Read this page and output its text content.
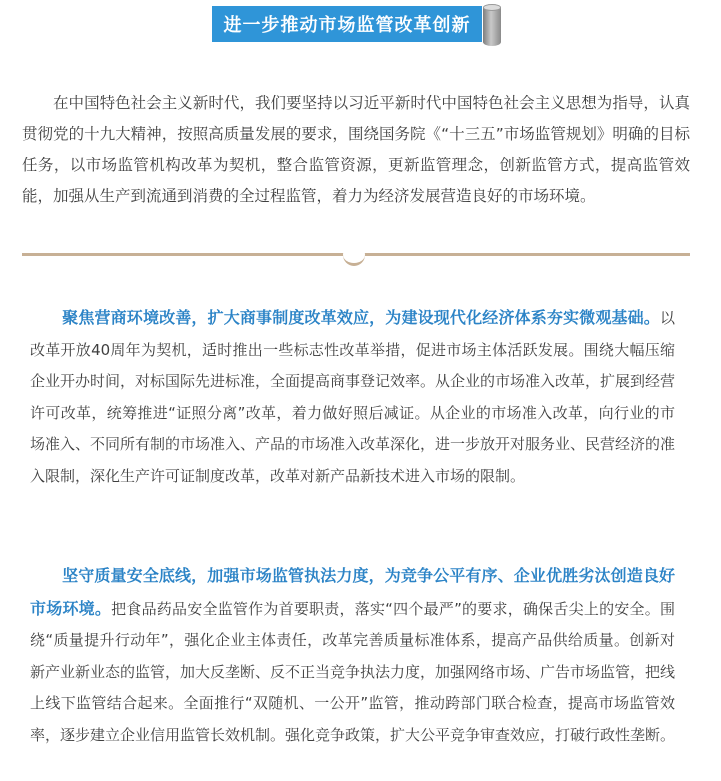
进一步推动市场监管改革创新

在中国特色社会主义新时代，我们要坚持以习近平新时代中国特色社会主义思想为指导，认真贯彻党的十九大精神，按照高质量发展的要求，围绕国务院《“十三五”市场监管规划》明确的目标任务，以市场监管机构改革为契机，整合监管资源，更新监管理念，创新监管方式，提高监管效能，加强从生产到流通到消费的全过程监管，着力为经济发展营造良好的市场环境。

聚焦营商环境改善，扩大商事制度改革效应，为建设现代化经济体系夯实微观基础。以改革开放40周年为契机，适时推出一些标志性改革举措，促进市场主体活跃发展。围绕大幅压缩企业开办时间，对标国际先进标准，全面提高商事登记效率。从企业的市场准入改革，扩展到经营许可改革，统筹推进“证照分离”改革，着力做好照后减证。从企业的市场准入改革，向行业的市场准入、不同所有制的市场准入、产品的市场准入改革深化，进一步放开对服务业、民营经济的准入限制，深化生产许可证制度改革，改革对新产品新技术进入市场的限制。

坚守质量安全底线，加强市场监管执法力度，为竞争公平有序、企业优胜劣汰创造良好市场环境。把食品药品安全监管作为首要职责，落实“四个最严”的要求，确保舌尖上的安全。围绕“质量提升行动年”，强化企业主体责任，改革完善质量标准体系，提高产品供给质量。创新对新产业新业态的监管，加大反垄断、反不正当竞争执法力度，加强网络市场、广告市场监管，把线上线下监管结合起来。全面推行“双随机、一公开”监管，推动跨部门联合检查，提高市场监管效率，逐步建立企业信用监管长效机制。强化竞争政策，扩大公平竞争审查效应，打破行政性垄断。
